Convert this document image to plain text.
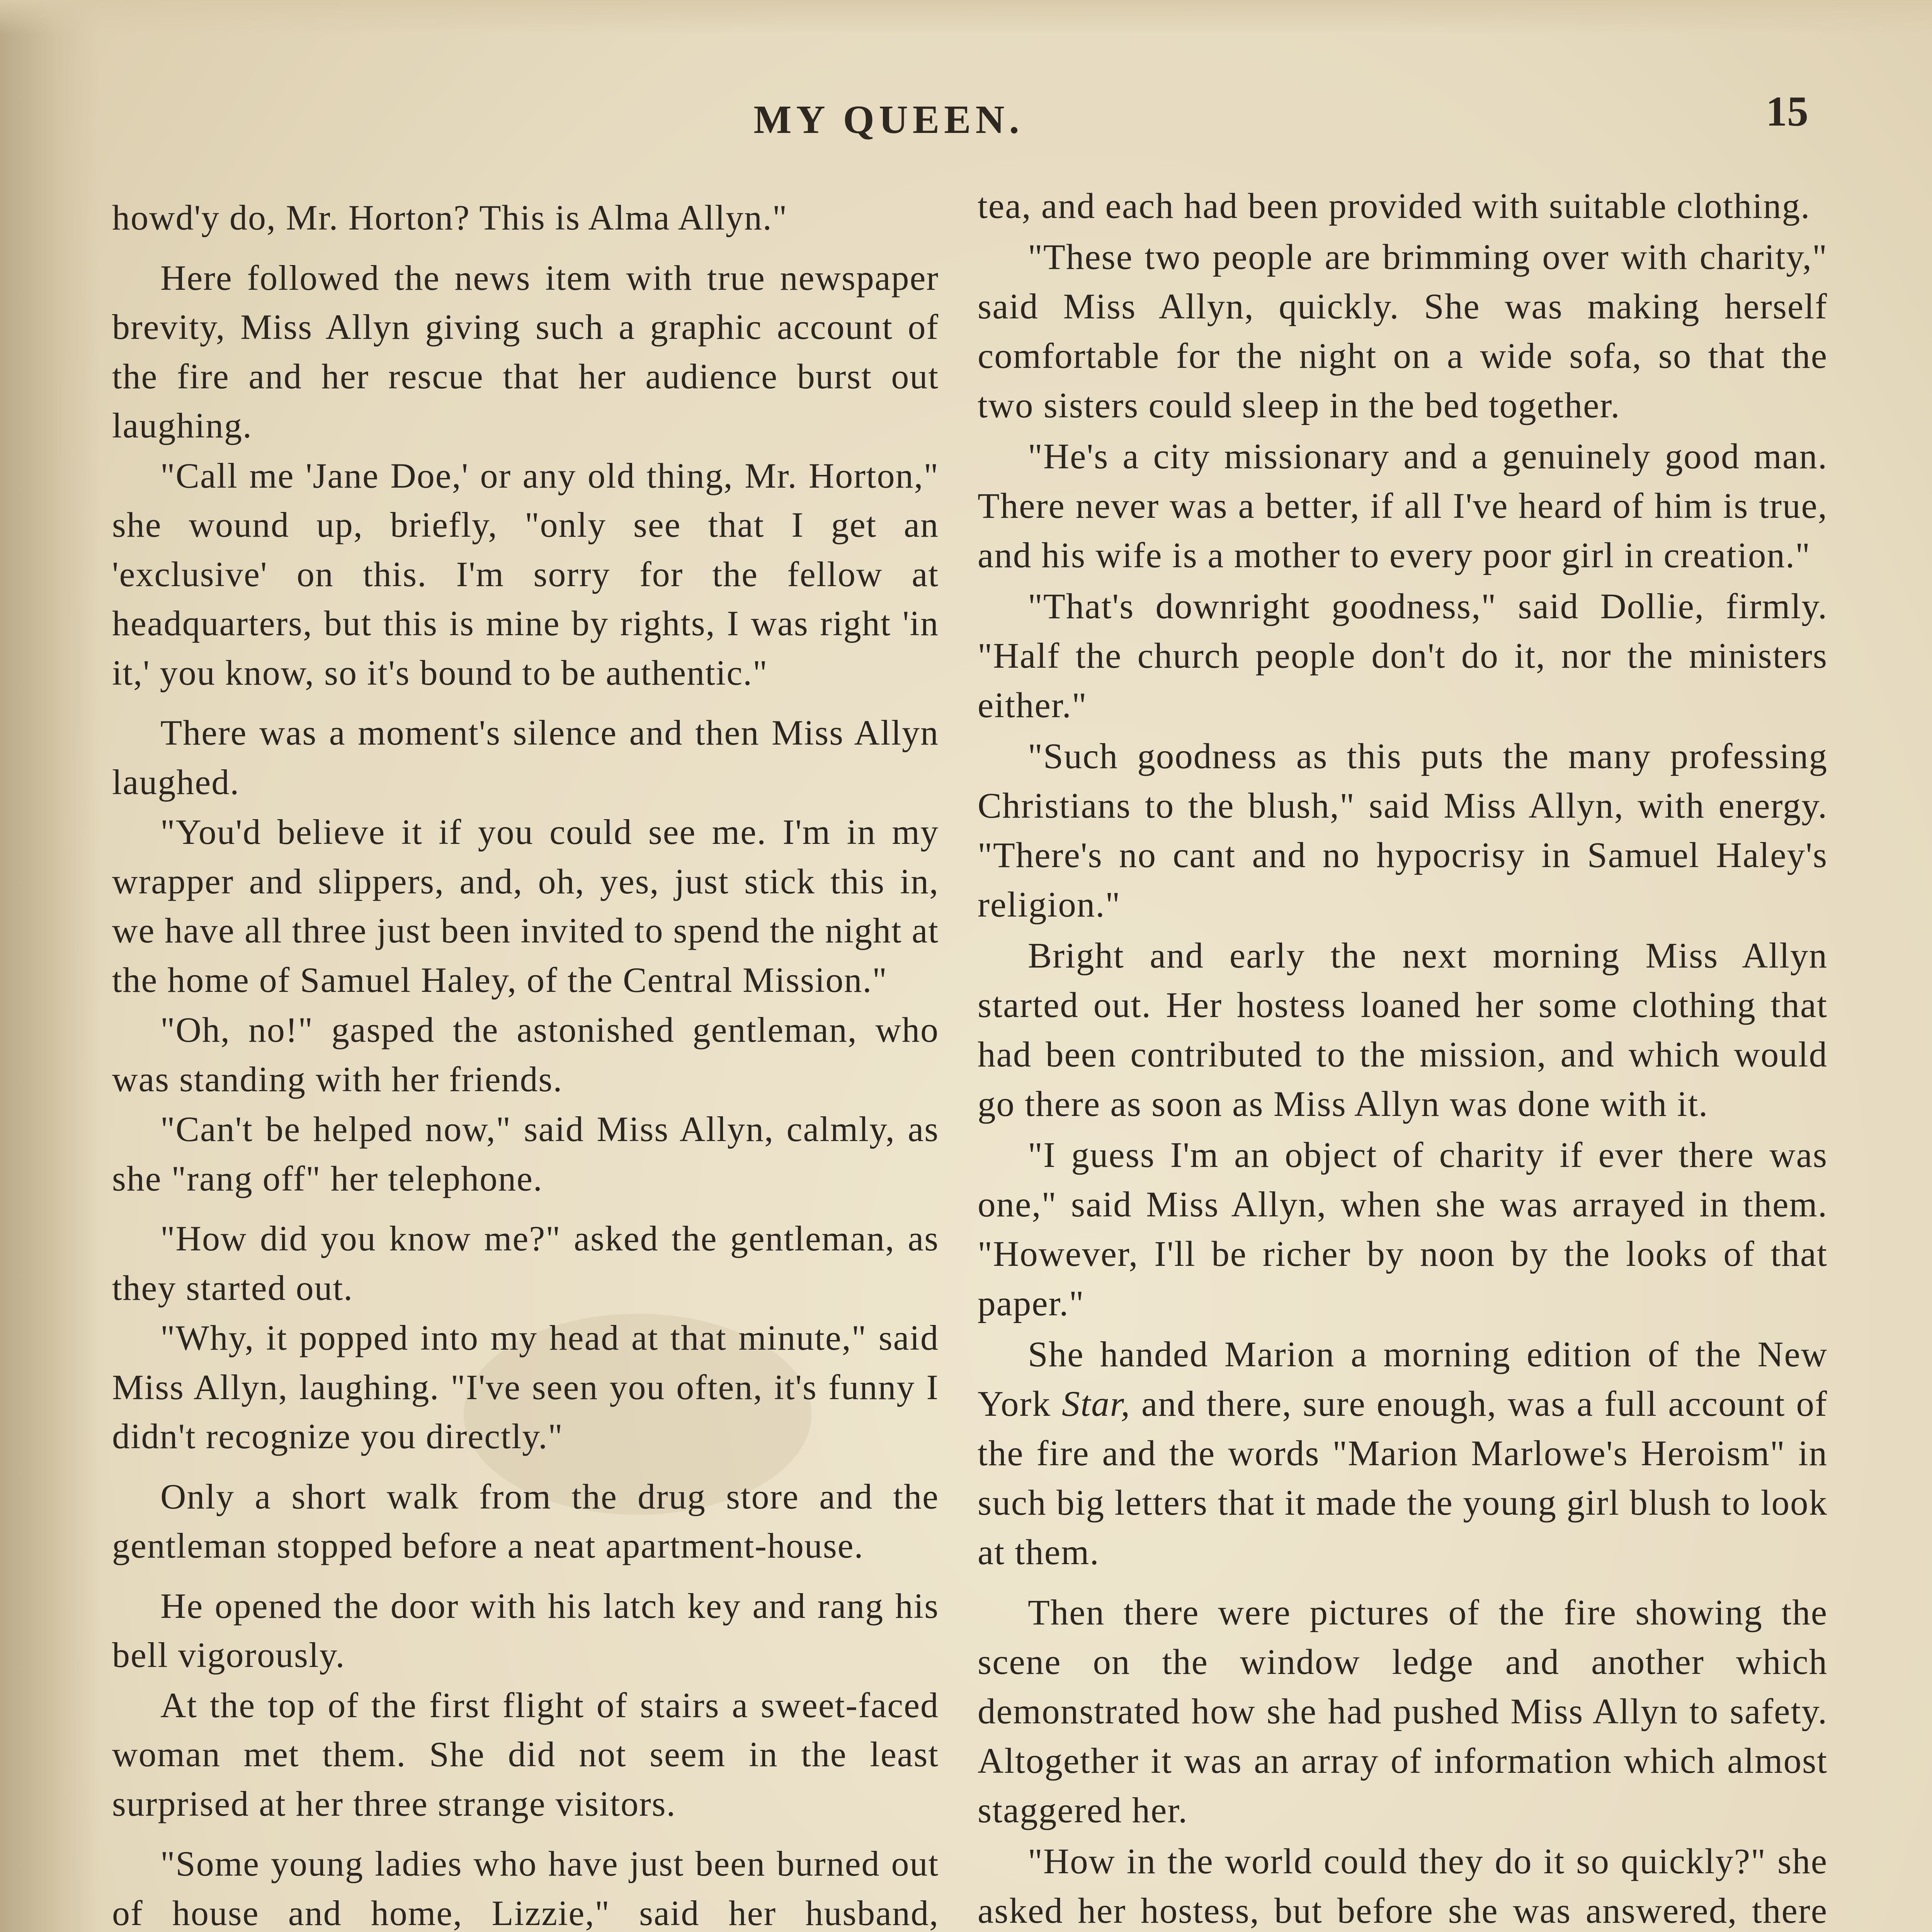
MY QUEEN.	15

howd'y do, Mr. Horton? This is Alma Allyn."

Here followed the news item with true newspaper brevity, Miss Allyn giving such a graphic account of the fire and her rescue that her audience burst out laughing.

"Call me 'Jane Doe,' or any old thing, Mr. Horton," she wound up, briefly, "only see that I get an 'exclusive' on this. I'm sorry for the fellow at headquarters, but this is mine by rights, I was right 'in it,' you know, so it's bound to be authentic."

There was a moment's silence and then Miss Allyn laughed.

"You'd believe it if you could see me. I'm in my wrapper and slippers, and, oh, yes, just stick this in, we have all three just been invited to spend the night at the home of Samuel Haley, of the Central Mission."

"Oh, no!" gasped the astonished gentleman, who was standing with her friends.

"Can't be helped now," said Miss Allyn, calmly, as she "rang off" her telephone.

"How did you know me?" asked the gentleman, as they started out.

"Why, it popped into my head at that minute," said Miss Allyn, laughing. "I've seen you often, it's funny I didn't recognize you directly."

Only a short walk from the drug store and the gentleman stopped before a neat apartment-house.

He opened the door with his latch key and rang his bell vigorously.

At the top of the first flight of stairs a sweet-faced woman met them. She did not seem in the least surprised at her three strange visitors.

"Some young ladies who have just been burned out of house and home, Lizzie," said her husband,

tea, and each had been provided with suitable clothing.

"These two people are brimming over with charity," said Miss Allyn, quickly. She was making herself comfortable for the night on a wide sofa, so that the two sisters could sleep in the bed together.

"He's a city missionary and a genuinely good man. There never was a better, if all I've heard of him is true, and his wife is a mother to every poor girl in creation."

"That's downright goodness," said Dollie, firmly. "Half the church people don't do it, nor the ministers either."

"Such goodness as this puts the many professing Christians to the blush," said Miss Allyn, with energy. "There's no cant and no hypocrisy in Samuel Haley's religion."

Bright and early the next morning Miss Allyn started out. Her hostess loaned her some clothing that had been contributed to the mission, and which would go there as soon as Miss Allyn was done with it.

"I guess I'm an object of charity if ever there was one," said Miss Allyn, when she was arrayed in them. "However, I'll be richer by noon by the looks of that paper."

She handed Marion a morning edition of the New York Star, and there, sure enough, was a full account of the fire and the words "Marion Marlowe's Heroism" in such big letters that it made the young girl blush to look at them.

Then there were pictures of the fire showing the scene on the window ledge and another which demonstrated how she had pushed Miss Allyn to safety. Altogether it was an array of information which almost staggered her.

"How in the world could they do it so quickly?" she asked her hostess, but before she was answered, there
